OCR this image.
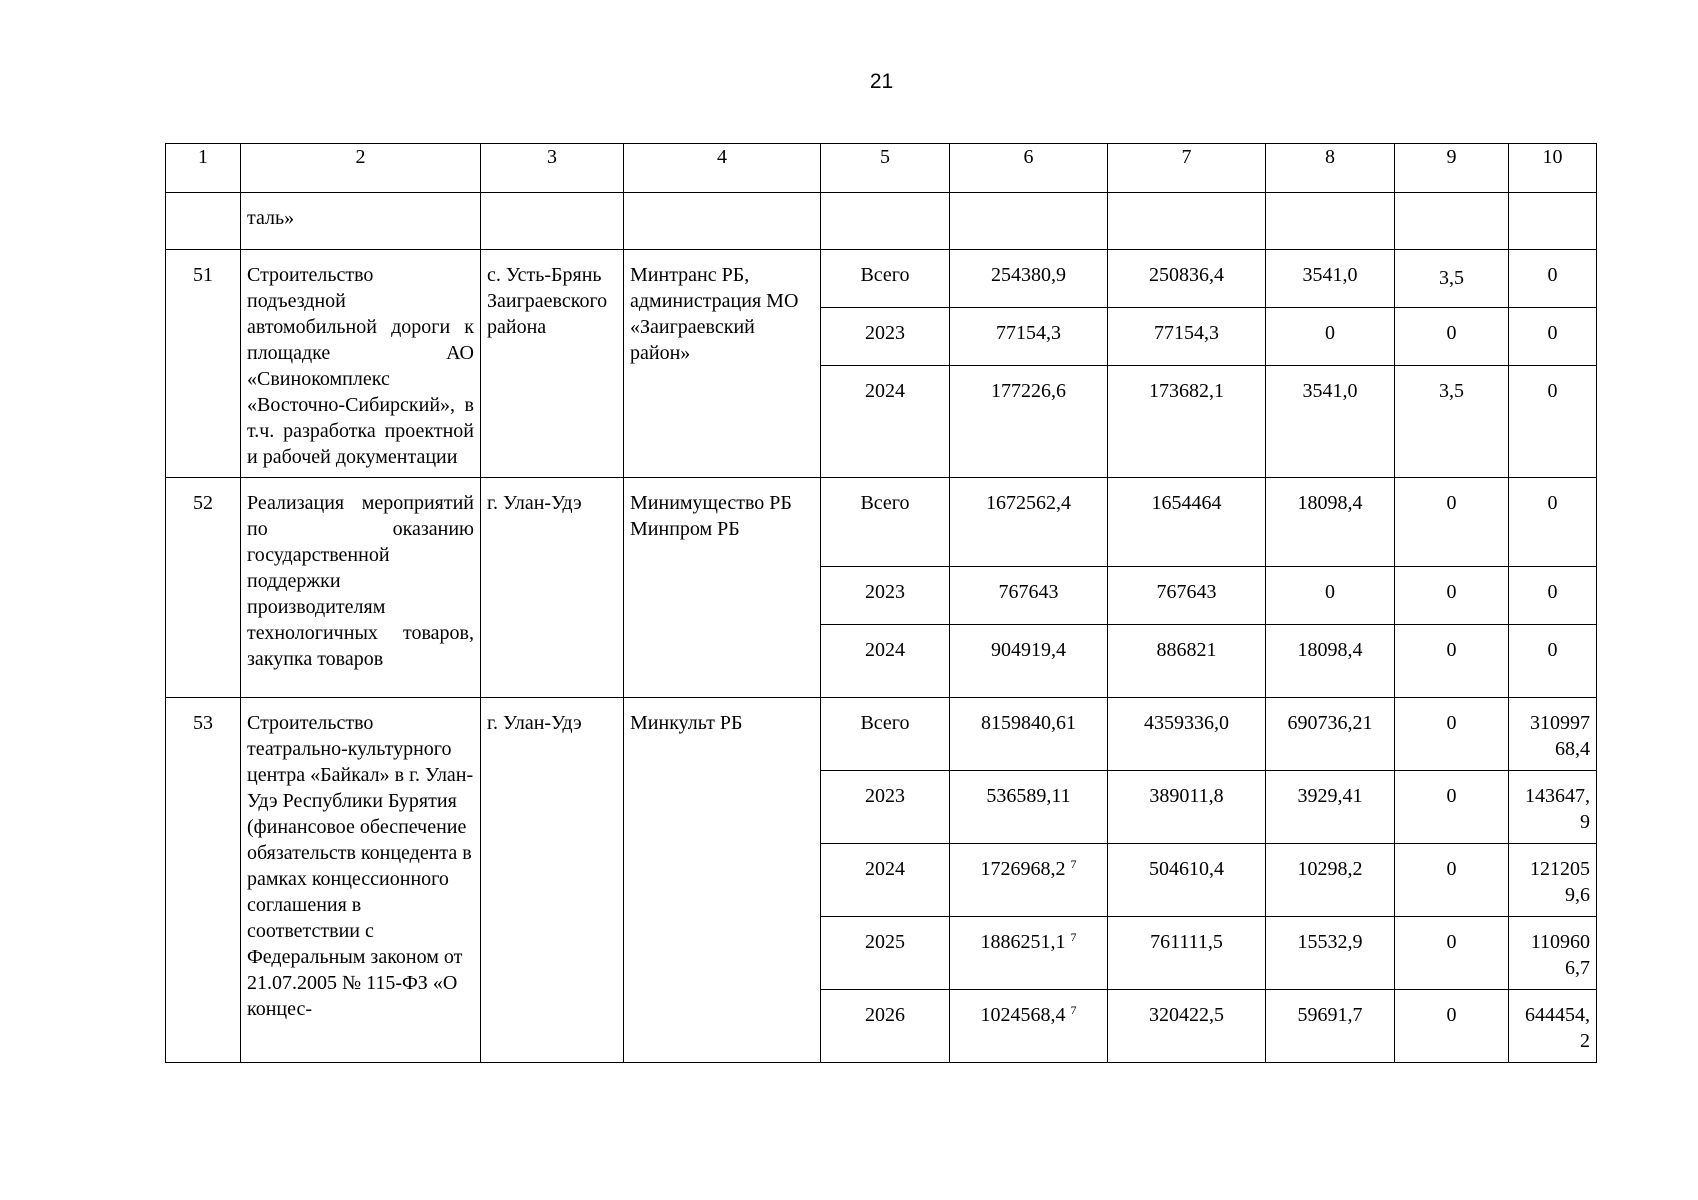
21
1	2	3	4	5	6	7	8	9	10
	таль»								
51	Строительство подъездной автомобильной дороги к площадке АО «Свинокомплекс «Восточно-Сибирский», в т.ч. разработка проектной и рабочей документации	с. Усть-Брянь Заиграевского района	Минтранс РБ, администрация МО «Заиграевский район»	Всего	254380,9	250836,4	3541,0	3,5	0
				2023	77154,3	77154,3	0	0	0
				2024	177226,6	173682,1	3541,0	3,5	0
52	Реализация мероприятий по оказанию государственной поддержки производителям технологичных товаров, закупка товаров	г. Улан-Удэ	Минимущество РБ Минпром РБ	Всего	1672562,4	1654464	18098,4	0	0
				2023	767643	767643	0	0	0
				2024	904919,4	886821	18098,4	0	0
53	Строительство театрально-культурного центра «Байкал» в г. Улан-Удэ Республики Бурятия (финансовое обеспечение обязательств концедента в рамках концессионного соглашения в соответствии с Федеральным законом от 21.07.2005 № 115-ФЗ «О концес-	г. Улан-Удэ	Минкульт РБ	Всего	8159840,61	4359336,0	690736,21	0	310997 68,4
				2023	536589,11	389011,8	3929,41	0	143647, 9
				2024	1726968,2 $^7$	504610,4	10298,2	0	121205 9,6
				2025	1886251,1 $^7$	761111,5	15532,9	0	110960 6,7
				2026	1024568,4 $^7$	320422,5	59691,7	0	644454, 2
